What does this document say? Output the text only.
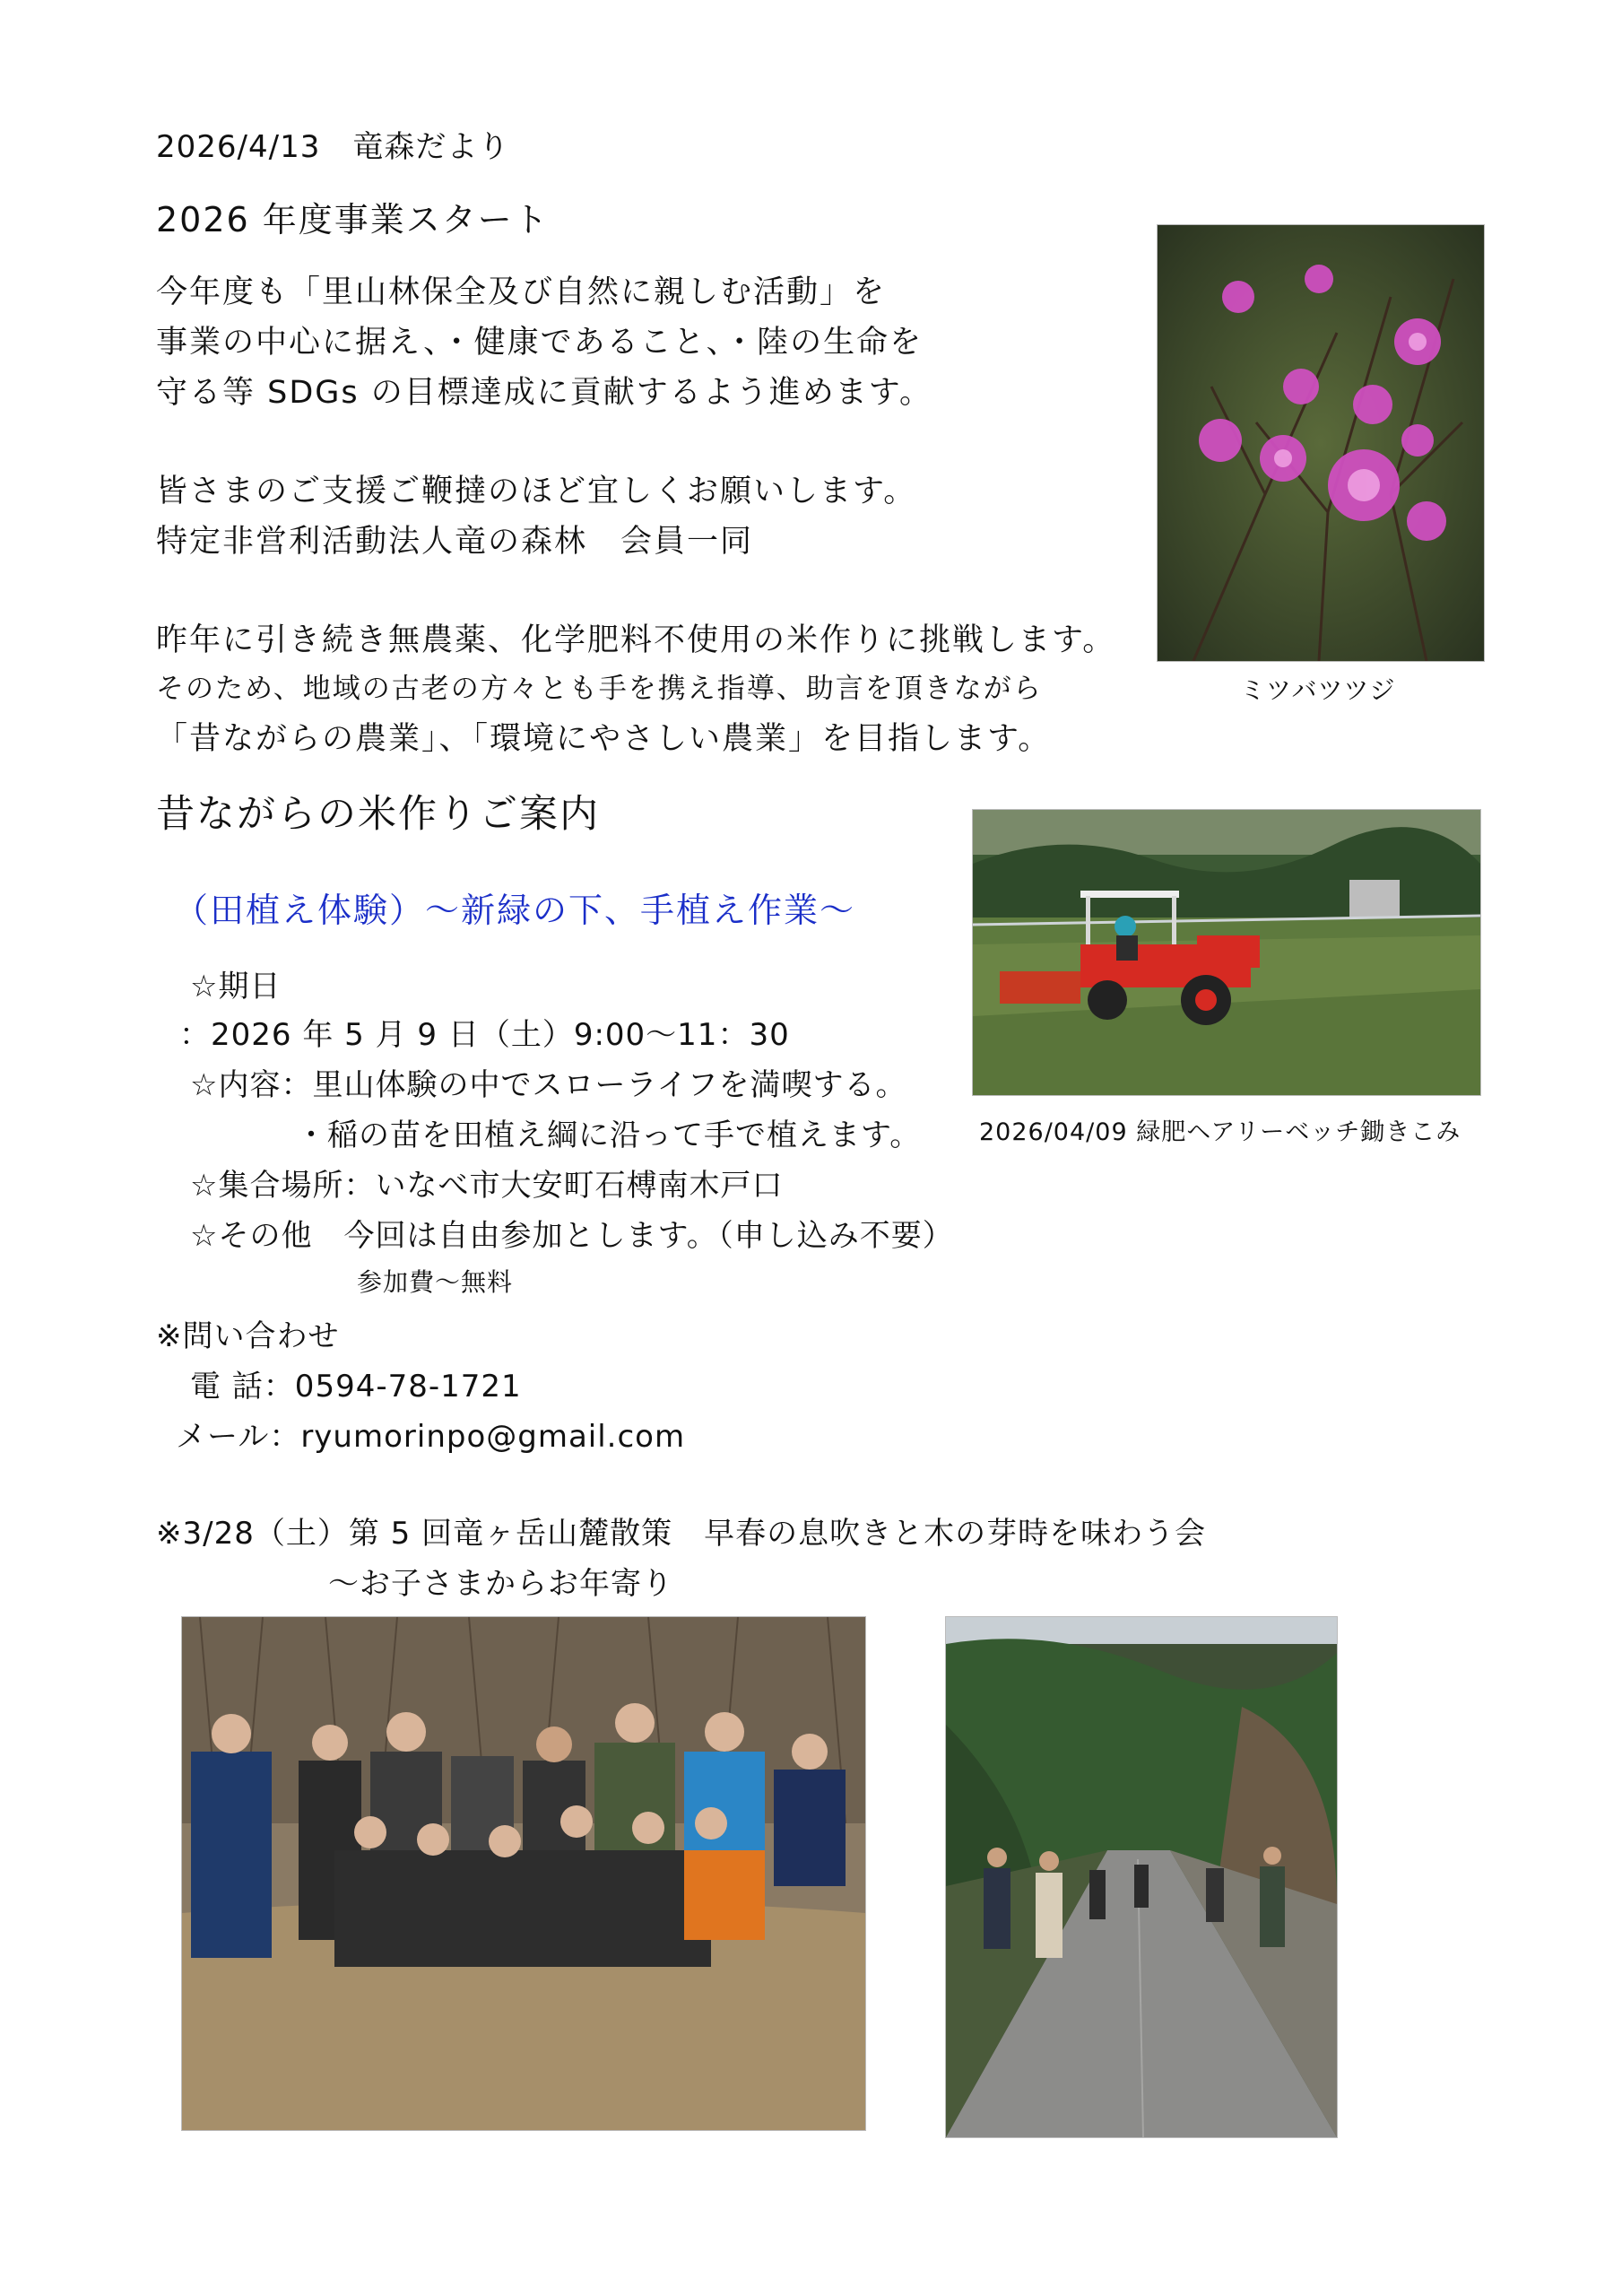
2026/4/13 竜森だより
2026 年度事業スタート
今年度も「里山林保全及び自然に親しむ活動」を
事業の中心に据え、・健康であること、・陸の生命を
守る等 SDGs の目標達成に貢献するよう進めます。
皆さまのご支援ご鞭撻のほど宜しくお願いします。
特定非営利活動法人竜の森林　会員一同
昨年に引き続き無農薬、化学肥料不使用の米作りに挑戦します。
そのため、地域の古老の方々とも手を携え指導、助言を頂きながら
「昔ながらの農業」、「環境にやさしい農業」を目指します。
ミツバツツジ
昔ながらの米作りご案内
（田植え体験）～新緑の下、手植え作業～
☆期日
：2026 年 5 月 9 日（土）9:00～11：30
☆内容：里山体験の中でスローライフを満喫する。
・稲の苗を田植え綱に沿って手で植えます。
☆集合場所：いなべ市大安町石榑南木戸口
☆その他　今回は自由参加とします。（申し込み不要）
参加費～無料
2026/04/09 緑肥ヘアリーベッチ鋤きこみ
※問い合わせ
電 話：0594-78-1721
メール：ryumorinpo@gmail.com
※3/28（土）第 5 回竜ヶ岳山麓散策　早春の息吹きと木の芽時を味わう会
～お子さまからお年寄り
